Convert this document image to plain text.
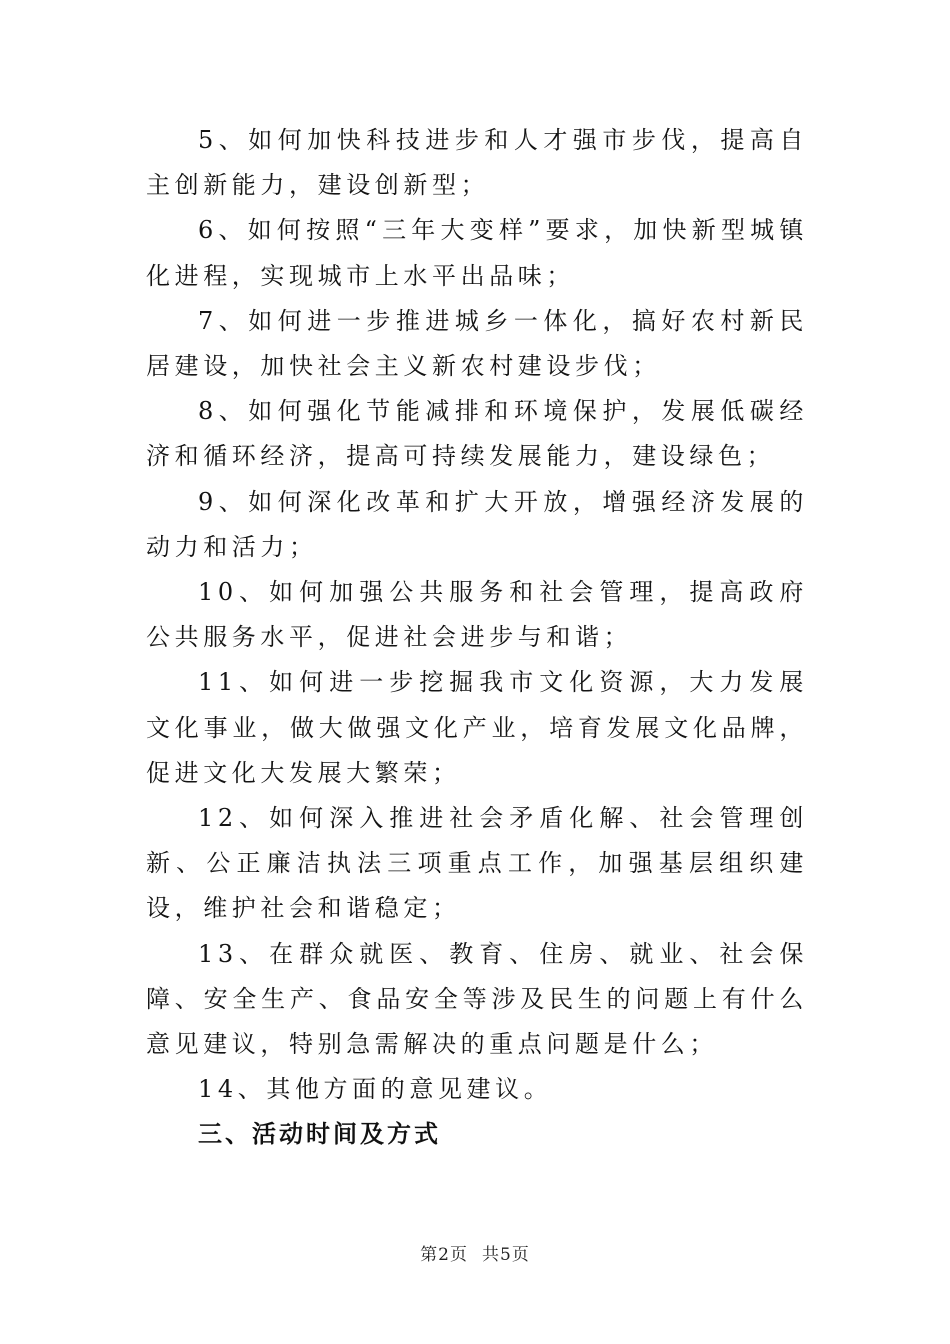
5、如何加快科技进步和人才强市步伐，提高自主创新能力，建设创新型；

6、如何按照“三年大变样”要求，加快新型城镇化进程，实现城市上水平出品味；

7、如何进一步推进城乡一体化，搞好农村新民居建设，加快社会主义新农村建设步伐；

8、如何强化节能减排和环境保护，发展低碳经济和循环经济，提高可持续发展能力，建设绿色；

9、如何深化改革和扩大开放，增强经济发展的动力和活力；

10、如何加强公共服务和社会管理，提高政府公共服务水平，促进社会进步与和谐；

11、如何进一步挖掘我市文化资源，大力发展文化事业，做大做强文化产业，培育发展文化品牌，促进文化大发展大繁荣；

12、如何深入推进社会矛盾化解、社会管理创新、公正廉洁执法三项重点工作，加强基层组织建设，维护社会和谐稳定；

13、在群众就医、教育、住房、就业、社会保障、安全生产、食品安全等涉及民生的问题上有什么意见建议，特别急需解决的重点问题是什么；

14、其他方面的意见建议。

三、活动时间及方式

第2页 共5页
